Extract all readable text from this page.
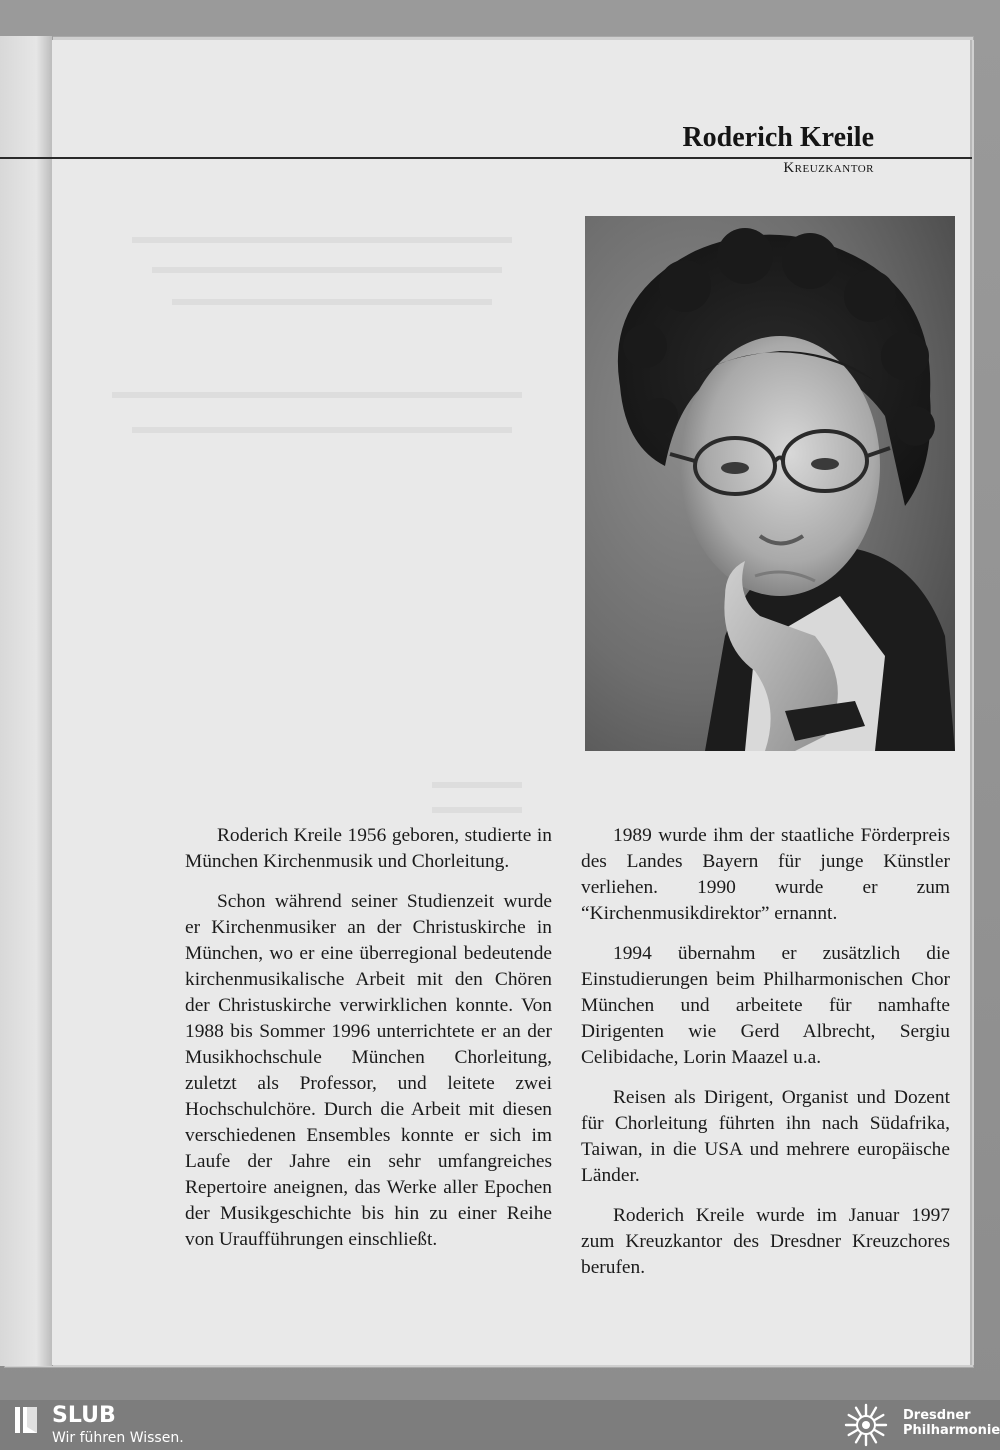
Roderich Kreile
Kreuzkantor

Roderich Kreile 1956 geboren, studierte in München Kirchenmusik und Chorleitung.

Schon während seiner Studienzeit wurde er Kirchenmusiker an der Christuskirche in München, wo er eine überregional bedeutende kirchenmusikalische Arbeit mit den Chören der Christuskirche verwirklichen konnte. Von 1988 bis Sommer 1996 unterrichtete er an der Musikhochschule München Chorleitung, zuletzt als Professor, und leitete zwei Hochschulchöre. Durch die Arbeit mit diesen verschiedenen Ensembles konnte er sich im Laufe der Jahre ein sehr umfangreiches Repertoire aneignen, das Werke aller Epochen der Musikgeschichte bis hin zu einer Reihe von Uraufführungen einschließt.

1989 wurde ihm der staatliche Förderpreis des Landes Bayern für junge Künstler verliehen. 1990 wurde er zum “Kirchenmusikdirektor” ernannt.

1994 übernahm er zusätzlich die Einstudierungen beim Philharmonischen Chor München und arbeitete für namhafte Dirigenten wie Gerd Albrecht, Sergiu Celibidache, Lorin Maazel u.a.

Reisen als Dirigent, Organist und Dozent für Chorleitung führten ihn nach Südafrika, Taiwan, in die USA und mehrere europäische Länder.

Roderich Kreile wurde im Januar 1997 zum Kreuzkantor des Dresdner Kreuzchores berufen.

SLUB
Wir führen Wissen.
Dresdner
Philharmonie
